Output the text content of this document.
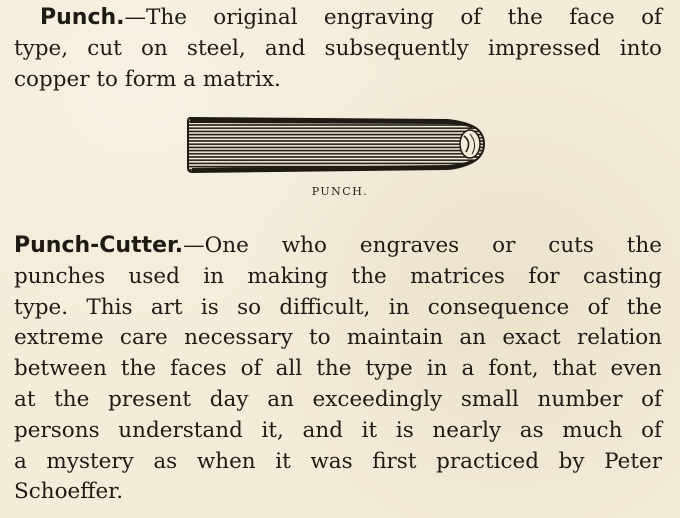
Punch.—The original engraving of the face of
type, cut on steel, and subsequently impressed into
copper to form a matrix.
PUNCH.
Punch-Cutter.—One who engraves or cuts the
punches used in making the matrices for casting
type. This art is so difficult, in consequence of the
extreme care necessary to maintain an exact relation
between the faces of all the type in a font, that even
at the present day an exceedingly small number of
persons understand it, and it is nearly as much of
a mystery as when it was first practiced by Peter
Schoeffer.
